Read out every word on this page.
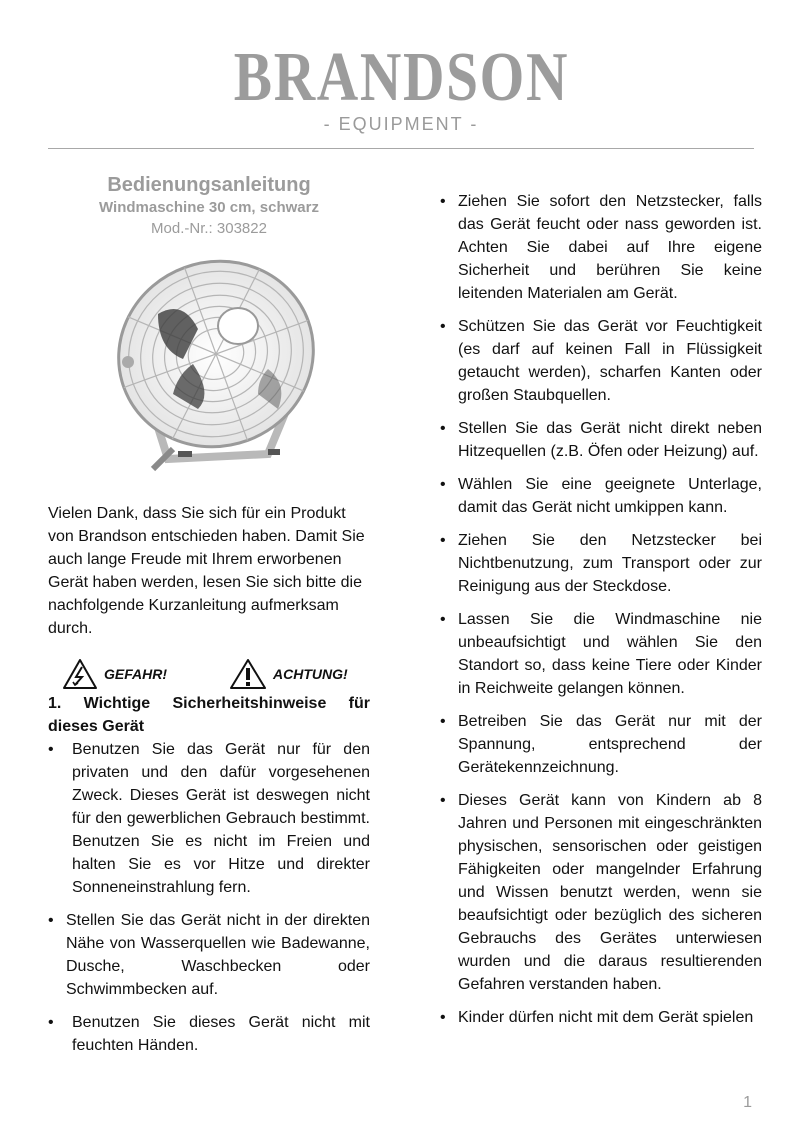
BRANDSON
- EQUIPMENT -
Bedienungsanleitung
Windmaschine 30 cm, schwarz
Mod.-Nr.: 303822

Vielen Dank, dass Sie sich für ein Produkt von Brandson entschieden haben. Damit Sie auch lange Freude mit Ihrem erworbenen Gerät haben werden, lesen Sie sich bitte die nachfolgende Kurzanleitung aufmerksam durch.

GEFAHR!	ACHTUNG!
1. Wichtige Sicherheitshinweise für dieses Gerät
• Benutzen Sie das Gerät nur für den privaten und den dafür vorgesehenen Zweck. Dieses Gerät ist deswegen nicht für den gewerblichen Gebrauch bestimmt. Benutzen Sie es nicht im Freien und halten Sie es vor Hitze und direkter Sonneneinstrahlung fern.
• Stellen Sie das Gerät nicht in der direkten Nähe von Wasserquellen wie Badewanne, Dusche, Waschbecken oder Schwimmbecken auf.
• Benutzen Sie dieses Gerät nicht mit feuchten Händen.
• Ziehen Sie sofort den Netzstecker, falls das Gerät feucht oder nass geworden ist. Achten Sie dabei auf Ihre eigene Sicherheit und berühren Sie keine leitenden Materialen am Gerät.
• Schützen Sie das Gerät vor Feuchtigkeit (es darf auf keinen Fall in Flüssigkeit getaucht werden), scharfen Kanten oder großen Staubquellen.
• Stellen Sie das Gerät nicht direkt neben Hitzequellen (z.B. Öfen oder Heizung) auf.
• Wählen Sie eine geeignete Unterlage, damit das Gerät nicht umkippen kann.
• Ziehen Sie den Netzstecker bei Nichtbenutzung, zum Transport oder zur Reinigung aus der Steckdose.
• Lassen Sie die Windmaschine nie unbeaufsichtigt und wählen Sie den Standort so, dass keine Tiere oder Kinder in Reichweite gelangen können.
• Betreiben Sie das Gerät nur mit der Spannung, entsprechend der Gerätekennzeichnung.
• Dieses Gerät kann von Kindern ab 8 Jahren und Personen mit eingeschränkten physischen, sensorischen oder geistigen Fähigkeiten oder mangelnder Erfahrung und Wissen benutzt werden, wenn sie beaufsichtigt oder bezüglich des sicheren Gebrauchs des Gerätes unterwiesen wurden und die daraus resultierenden Gefahren verstanden haben.
• Kinder dürfen nicht mit dem Gerät spielen
1
